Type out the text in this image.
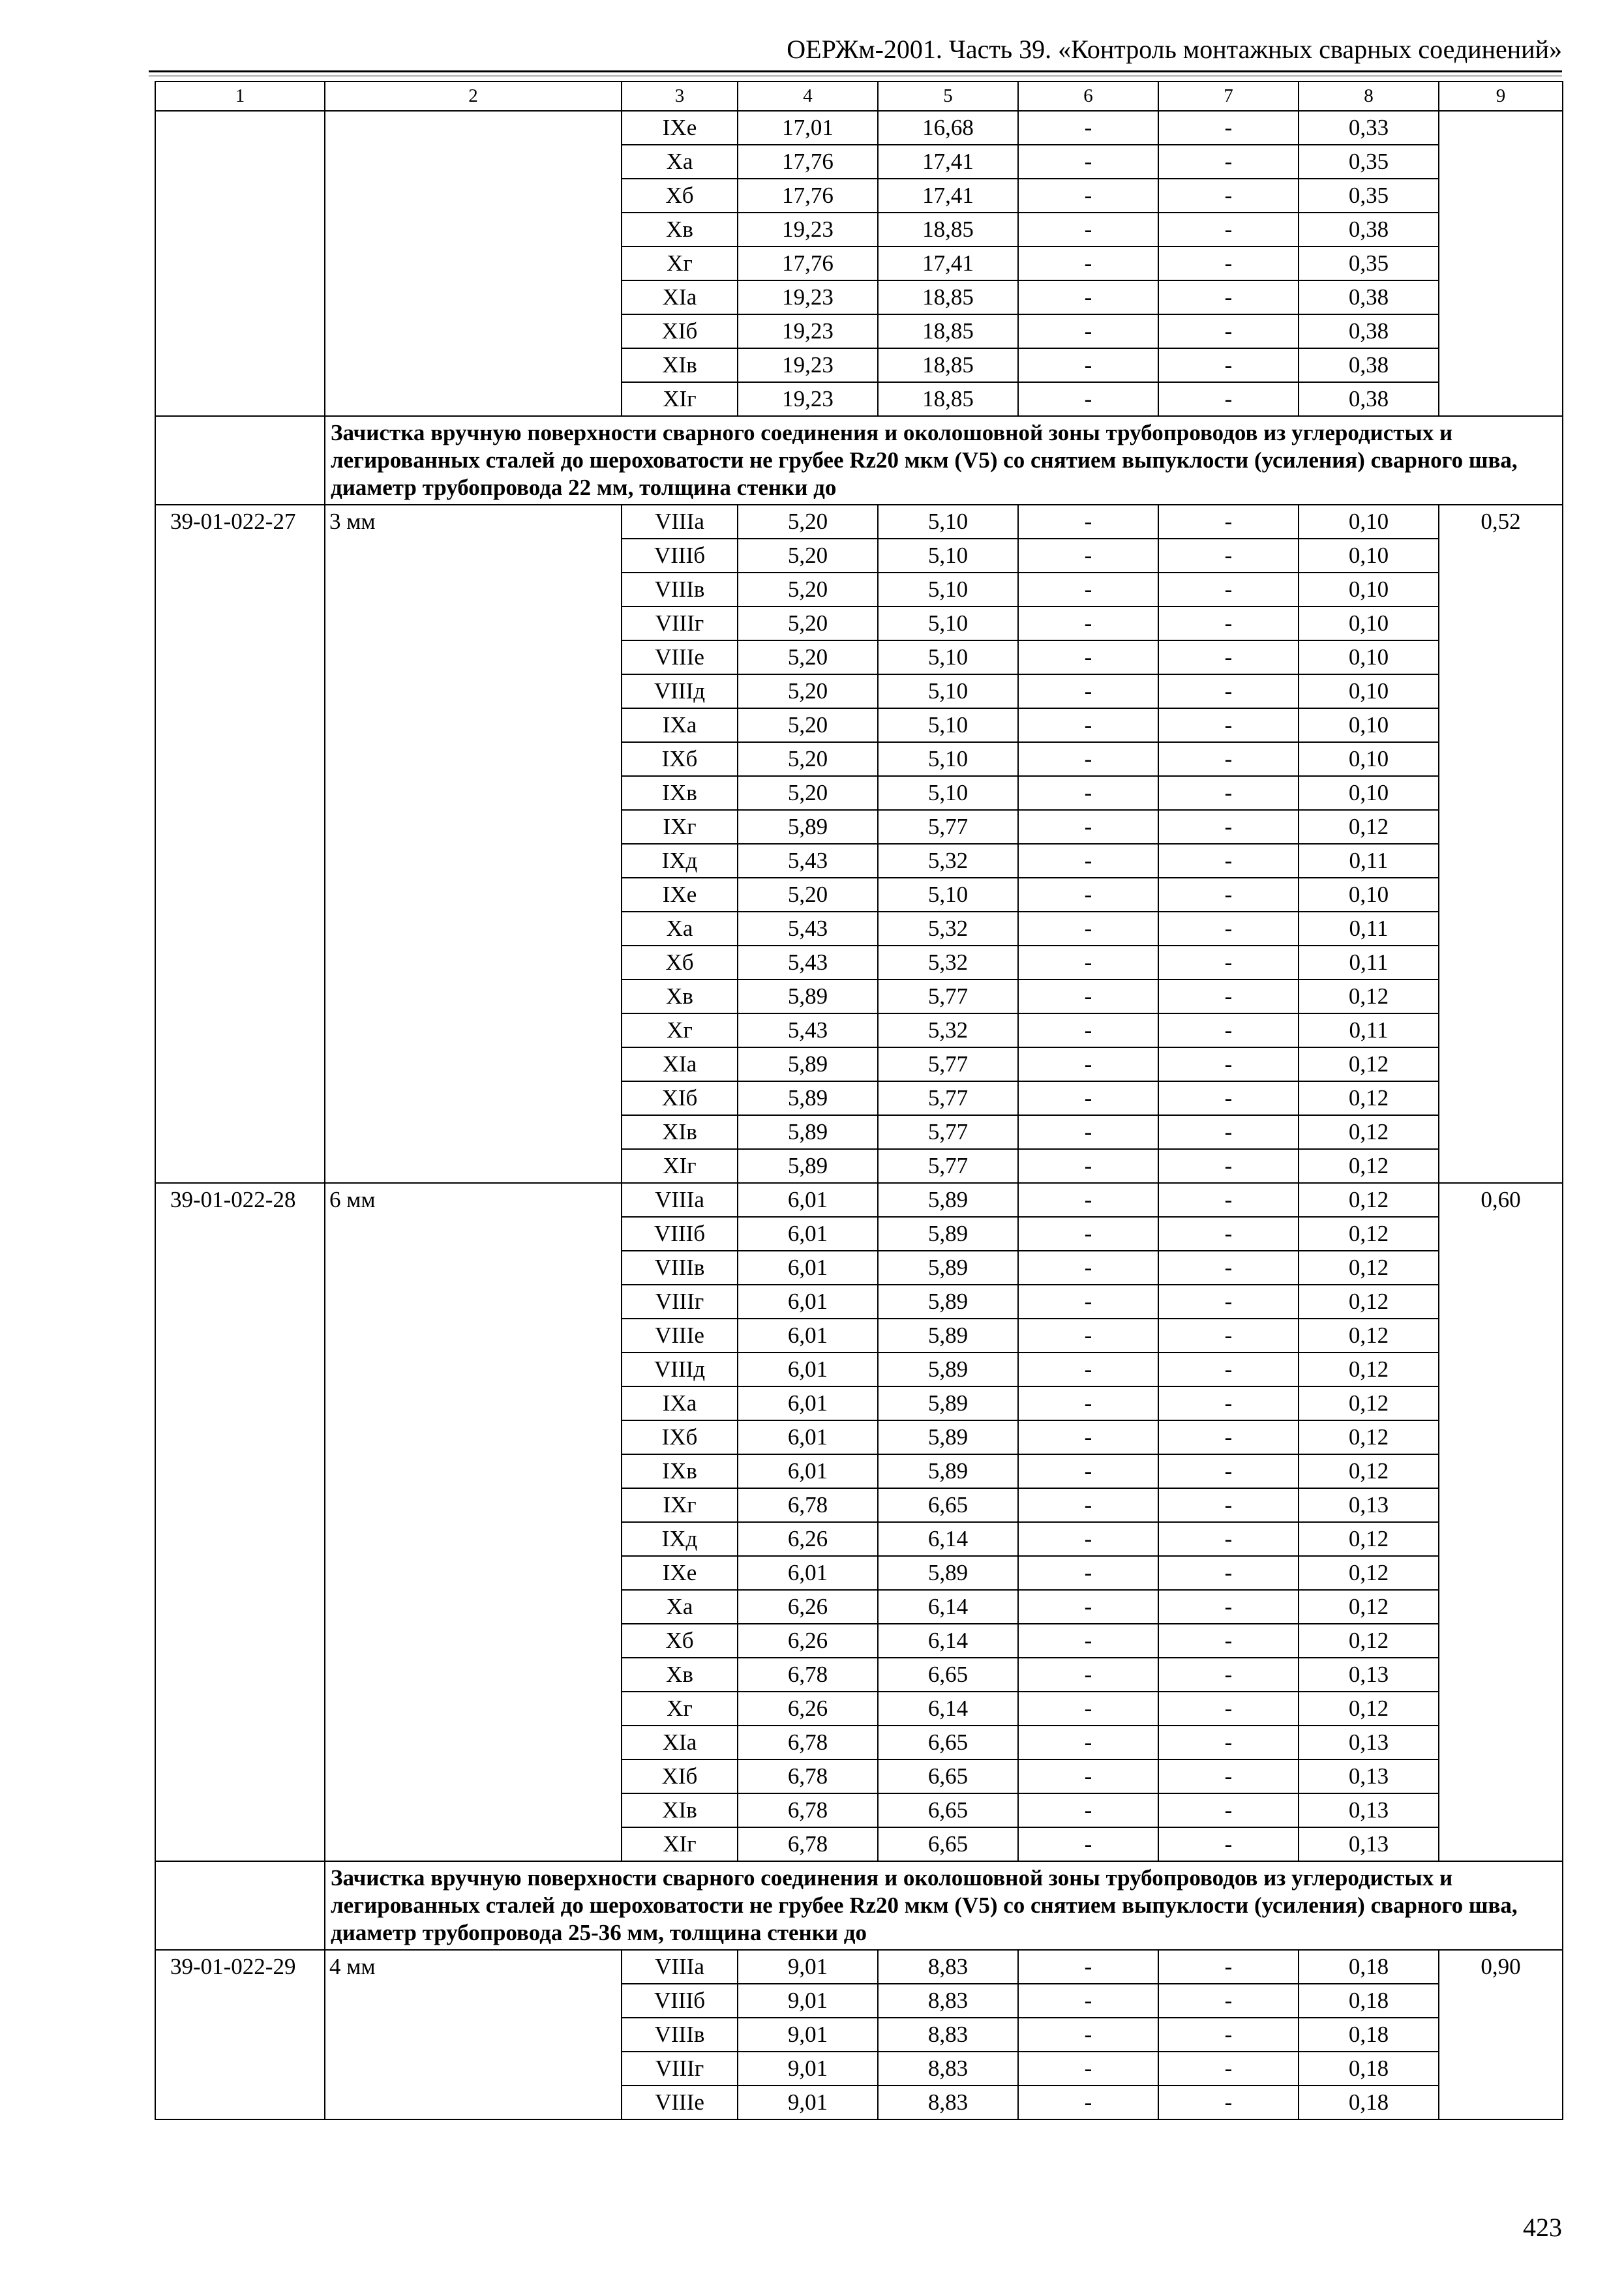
ОЕРЖм-2001. Часть 39. «Контроль монтажных сварных соединений»
1	2	3	4	5	6	7	8	9
		IXе	17,01	16,68	-	-	0,33	
		Xа	17,76	17,41	-	-	0,35	
		Xб	17,76	17,41	-	-	0,35	
		Xв	19,23	18,85	-	-	0,38	
		Xг	17,76	17,41	-	-	0,35	
		XIа	19,23	18,85	-	-	0,38	
		XIб	19,23	18,85	-	-	0,38	
		XIв	19,23	18,85	-	-	0,38	
		XIг	19,23	18,85	-	-	0,38	
	Зачистка вручную поверхности сварного соединения и околошовной зоны трубопроводов из углеродистых и легированных сталей до шероховатости не грубее Rz20 мкм (V5) со снятием выпуклости (усиления) сварного шва, диаметр трубопровода 22 мм, толщина стенки до							
39-01-022-27	3 мм	VIIIа	5,20	5,10	-	-	0,10	0,52
		VIIIб	5,20	5,10	-	-	0,10	
		VIIIв	5,20	5,10	-	-	0,10	
		VIIIг	5,20	5,10	-	-	0,10	
		VIIIе	5,20	5,10	-	-	0,10	
		VIIIд	5,20	5,10	-	-	0,10	
		IXа	5,20	5,10	-	-	0,10	
		IXб	5,20	5,10	-	-	0,10	
		IXв	5,20	5,10	-	-	0,10	
		IXг	5,89	5,77	-	-	0,12	
		IXд	5,43	5,32	-	-	0,11	
		IXе	5,20	5,10	-	-	0,10	
		Xа	5,43	5,32	-	-	0,11	
		Xб	5,43	5,32	-	-	0,11	
		Xв	5,89	5,77	-	-	0,12	
		Xг	5,43	5,32	-	-	0,11	
		XIа	5,89	5,77	-	-	0,12	
		XIб	5,89	5,77	-	-	0,12	
		XIв	5,89	5,77	-	-	0,12	
		XIг	5,89	5,77	-	-	0,12	
39-01-022-28	6 мм	VIIIа	6,01	5,89	-	-	0,12	0,60
		VIIIб	6,01	5,89	-	-	0,12	
		VIIIв	6,01	5,89	-	-	0,12	
		VIIIг	6,01	5,89	-	-	0,12	
		VIIIе	6,01	5,89	-	-	0,12	
		VIIIд	6,01	5,89	-	-	0,12	
		IXа	6,01	5,89	-	-	0,12	
		IXб	6,01	5,89	-	-	0,12	
		IXв	6,01	5,89	-	-	0,12	
		IXг	6,78	6,65	-	-	0,13	
		IXд	6,26	6,14	-	-	0,12	
		IXе	6,01	5,89	-	-	0,12	
		Xа	6,26	6,14	-	-	0,12	
		Xб	6,26	6,14	-	-	0,12	
		Xв	6,78	6,65	-	-	0,13	
		Xг	6,26	6,14	-	-	0,12	
		XIа	6,78	6,65	-	-	0,13	
		XIб	6,78	6,65	-	-	0,13	
		XIв	6,78	6,65	-	-	0,13	
		XIг	6,78	6,65	-	-	0,13	
	Зачистка вручную поверхности сварного соединения и околошовной зоны трубопроводов из углеродистых и легированных сталей до шероховатости не грубее Rz20 мкм (V5) со снятием выпуклости (усиления) сварного шва, диаметр трубопровода 25-36 мм, толщина стенки до							
39-01-022-29	4 мм	VIIIа	9,01	8,83	-	-	0,18	0,90
		VIIIб	9,01	8,83	-	-	0,18	
		VIIIв	9,01	8,83	-	-	0,18	
		VIIIг	9,01	8,83	-	-	0,18	
		VIIIе	9,01	8,83	-	-	0,18	
423
